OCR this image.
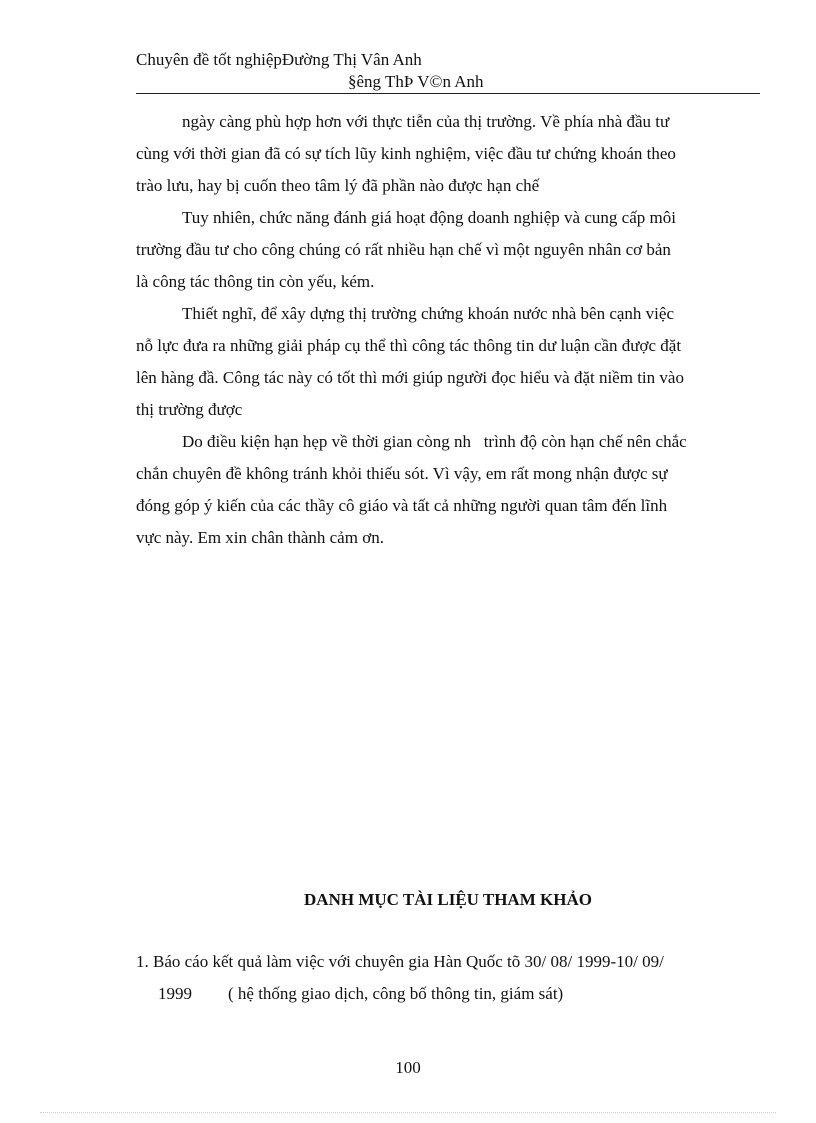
Chuyên đề tốt nghiệpĐường Thị Vân Anh
§êng ThÞ V©n Anh

ngày càng phù hợp hơn với thực tiễn của thị trường. Về phía nhà đầu tư
cùng với thời gian đã có sự tích lũy kinh nghiệm, việc đầu tư chứng khoán theo
trào lưu, hay bị cuốn theo tâm lý đã phần nào được hạn chế

Tuy nhiên, chức năng đánh giá hoạt động doanh nghiệp và cung cấp môi
trường đầu tư cho công chúng có rất nhiều hạn chế vì một nguyên nhân cơ bản
là công tác thông tin còn yếu, kém.

Thiết nghĩ, để xây dựng thị trường chứng khoán nước nhà bên cạnh việc
nỗ lực đưa ra những giải pháp cụ thể thì công tác thông tin dư luận cần được đặt
lên hàng đầ. Công tác này có tốt thì mới giúp người đọc hiểu và đặt niềm tin vào
thị trường được

Do điều kiện hạn hẹp về thời gian còng nh   trình độ còn hạn chế nên chắc
chắn chuyên đề không tránh khỏi thiếu sót. Vì vậy, em rất mong nhận được sự
đóng góp ý kiến của các thầy cô giáo và tất cả những người quan tâm đến lĩnh
vực này. Em xin chân thành cảm ơn.

DANH MỤC TÀI LIỆU THAM KHẢO
1. Báo cáo kết quả làm việc với chuyên gia Hàn Quốc tõ 30/ 08/ 1999-10/ 09/
1999 ( hệ thống giao dịch, công bố thông tin, giám sát)
100
